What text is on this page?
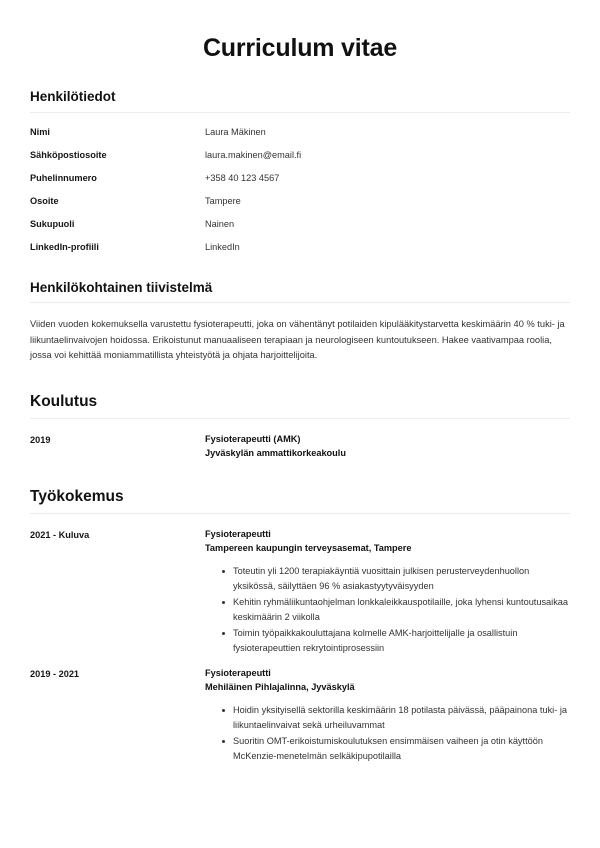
Curriculum vitae
Henkilötiedot
Nimi	Laura Mäkinen
Sähköpostiosoite	laura.makinen@email.fi
Puhelinnumero	+358 40 123 4567
Osoite	Tampere
Sukupuoli	Nainen
LinkedIn-profiili	LinkedIn
Henkilökohtainen tiivistelmä

Viiden vuoden kokemuksella varustettu fysioterapeutti, joka on vähentänyt potilaiden kipulääkitystarvetta keskimäärin 40 % tuki- ja liikuntaelinvaivojen hoidossa. Erikoistunut manuaaliseen terapiaan ja neurologiseen kuntoutukseen. Hakee vaativampaa roolia, jossa voi kehittää moniammatillista yhteistyötä ja ohjata harjoittelijoita.

Koulutus
2019	Fysioterapeutti (AMK)
Jyväskylän ammattikorkeakoulu
Työkokemus
2021 - Kuluva	Fysioterapeutti
Tampereen kaupungin terveysasemat, Tampere
Toteutin yli 1200 terapiakäyntiä vuosittain julkisen perusterveydenhuollon yksikössä, säilyttäen 96 % asiakastyytyväisyyden
Kehitin ryhmäliikuntaohjelman lonkkaleikkauspotilaille, joka lyhensi kuntoutusaikaa keskimäärin 2 viikolla
Toimin työpaikkakouluttajana kolmelle AMK-harjoittelijalle ja osallistuin fysioterapeuttien rekrytointiprosessiin
2019 - 2021	Fysioterapeutti
Mehiläinen Pihlajalinna, Jyväskylä
Hoidin yksityisellä sektorilla keskimäärin 18 potilasta päivässä, pääpainona tuki- ja liikuntaelinvaivat sekä urheiluvammat
Suoritin OMT-erikoistumiskoulutuksen ensimmäisen vaiheen ja otin käyttöön McKenzie-menetelmän selkäkipupotilailla
